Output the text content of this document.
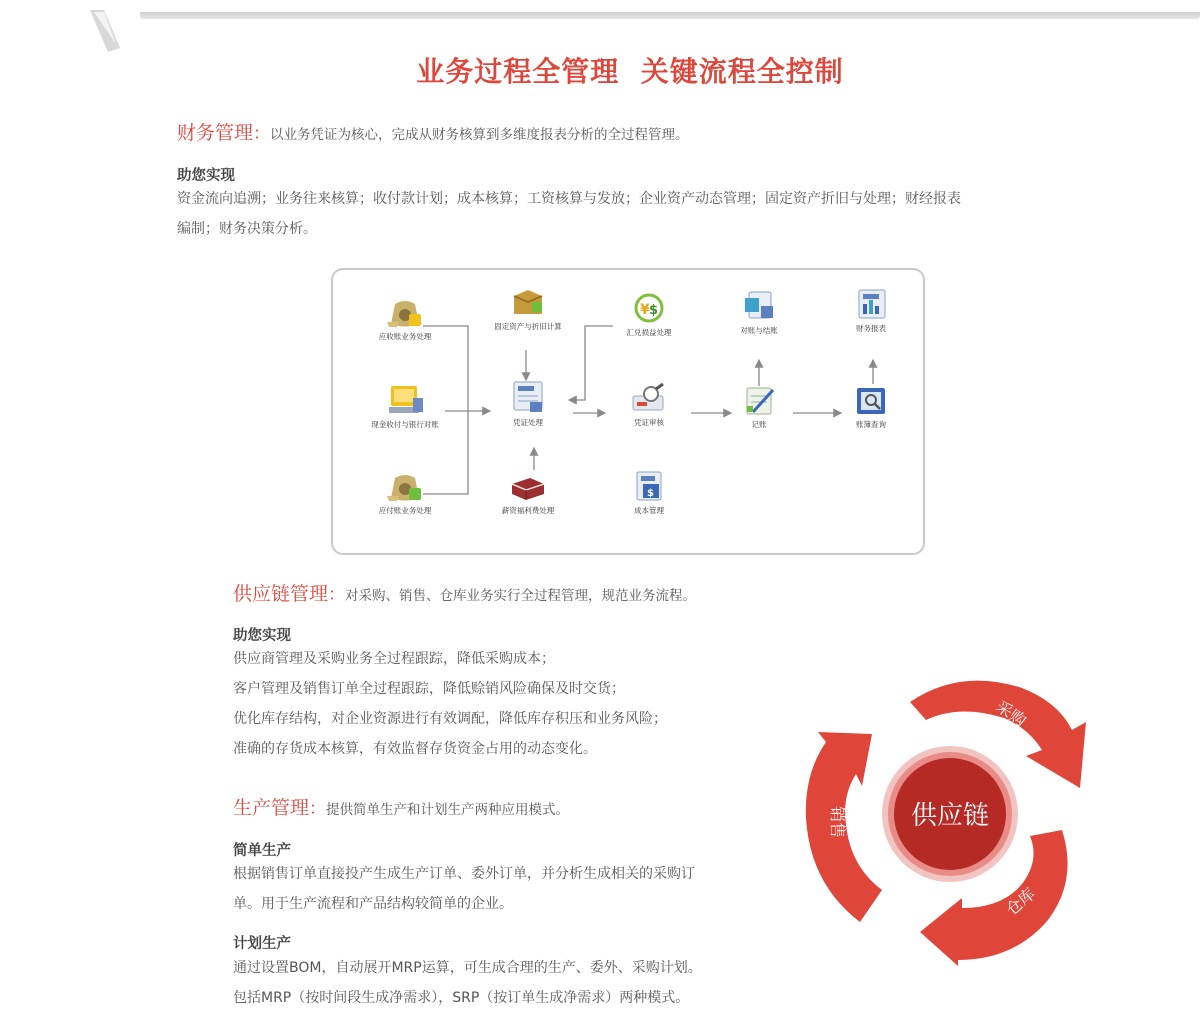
业务过程全管理  关键流程全控制
财务管理：以业务凭证为核心，完成从财务核算到多维度报表分析的全过程管理。
助您实现
资金流向追溯；业务往来核算；收付款计划；成本核算；工资核算与发放；企业资产动态管理；固定资产折旧与处理；财经报表
编制；财务决策分析。
应收账业务处理
现金收付与银行对账
应付账业务处理
固定资产与折旧计算
凭证处理
薪资福利费处理
¥ $
汇兑损益处理
凭证审核
$
成本管理
对账与结账
记账
财务报表
账簿查询
供应链管理：对采购、销售、仓库业务实行全过程管理，规范业务流程。
助您实现
供应商管理及采购业务全过程跟踪，降低采购成本；
客户管理及销售订单全过程跟踪，降低赊销风险确保及时交货；
优化库存结构，对企业资源进行有效调配，降低库存积压和业务风险；
准确的存货成本核算，有效监督存货资金占用的动态变化。
生产管理：提供简单生产和计划生产两种应用模式。
简单生产
根据销售订单直接投产生成生产订单、委外订单，并分析生成相关的采购订
单。用于生产流程和产品结构较简单的企业。
计划生产
通过设置BOM，自动展开MRP运算，可生成合理的生产、委外、采购计划。
包括MRP（按时间段生成净需求），SRP（按订单生成净需求）两种模式。
供应链
采购
仓库
销售
